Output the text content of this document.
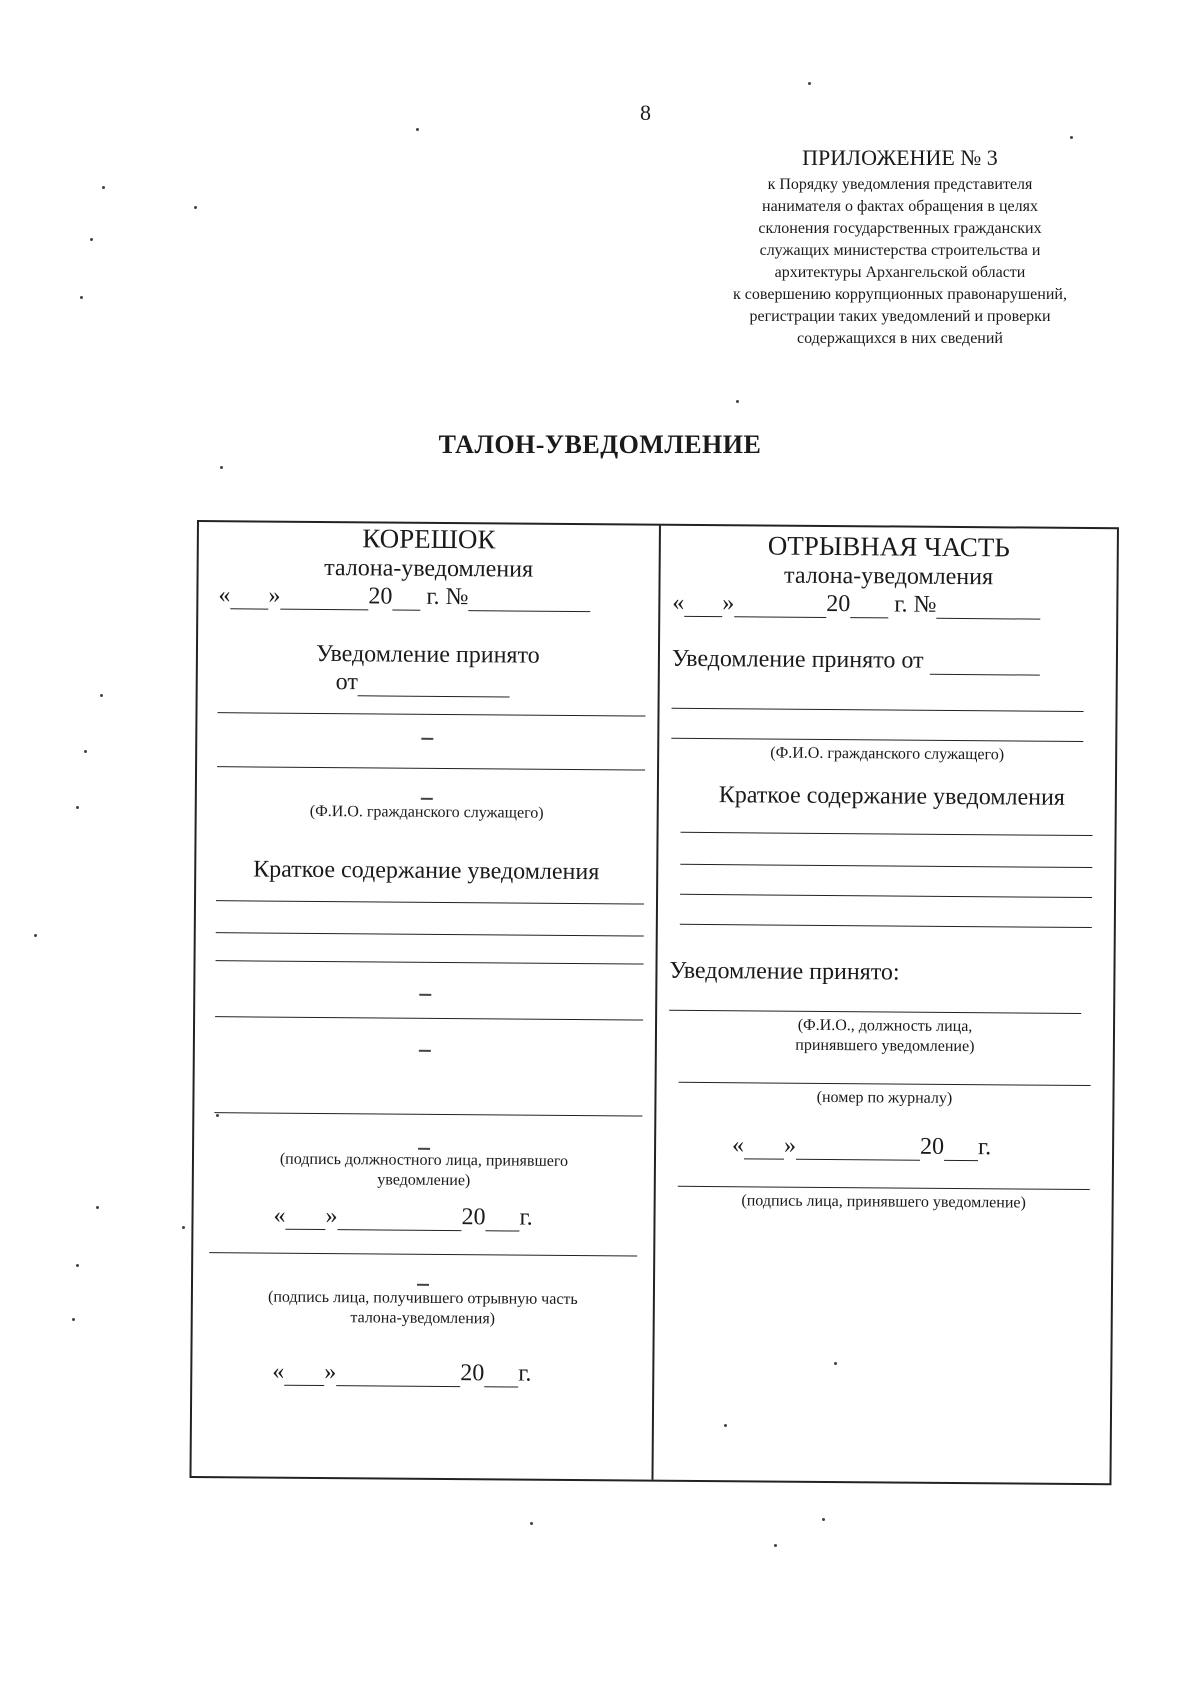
8
ПРИЛОЖЕНИЕ № 3
к Порядку уведомления представителя
нанимателя о фактах обращения в целях
склонения государственных гражданских
служащих министерства строительства и
архитектуры Архангельской области
к совершению коррупционных правонарушений,
регистрации таких уведомлений и проверки
содержащихся в них сведений
ТАЛОН-УВЕДОМЛЕНИЕ
КОРЕШОК
талона-уведомления
« »	20 г. №
Уведомление принято
от
(Ф.И.О. гражданского служащего)
Краткое содержание уведомления
(подпись должностного лица, принявшего
уведомление)
« »	20 г.
(подпись лица, получившего отрывную часть
талона-уведомления)
« »	20 г.
ОТРЫВНАЯ ЧАСТЬ
талона-уведомления
« »	20 г. №
Уведомление принято от
(Ф.И.О. гражданского служащего)
Краткое содержание уведомления
Уведомление принято:
(Ф.И.О., должность лица,
принявшего уведомление)
(номер по журналу)
« »	20 г.
(подпись лица, принявшего уведомление)
